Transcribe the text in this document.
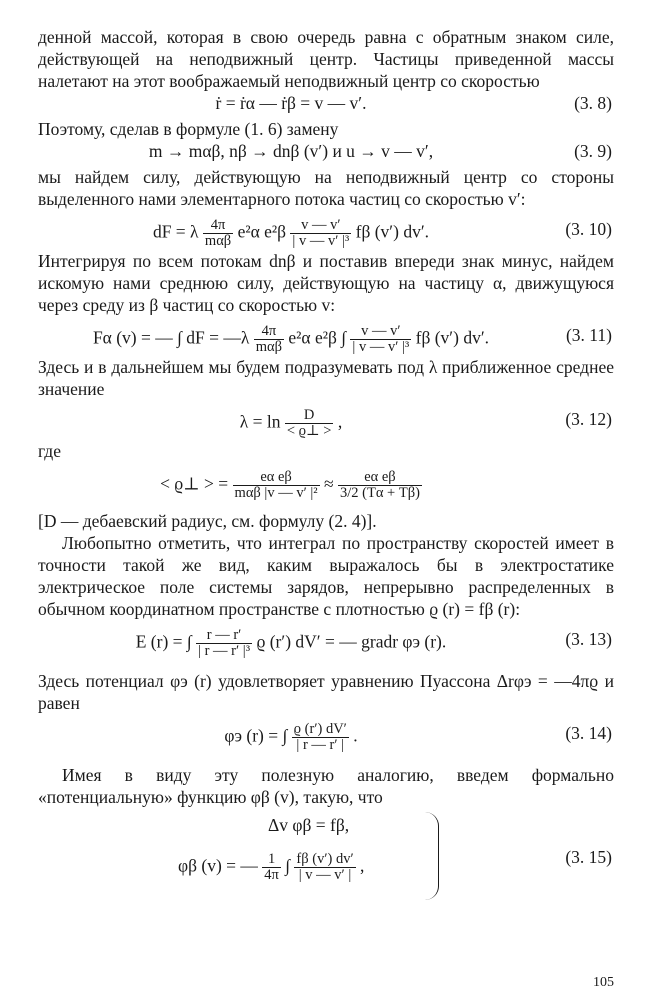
денной массой, которая в свою очередь равна с обратным знаком силе, действующей на неподвижный центр. Частицы приведенной массы налетают на этот воображаемый неподвижный центр со скоростью

ṙ = ṙα — ṙβ = v — v′.	(3. 8)

Поэтому, сделав в формуле (1. 6) замену

m → mαβ, nβ → dnβ (v′) и u → v — v′,	(3. 9)

мы найдем силу, действующую на неподвижный центр со стороны выделенного нами элементарного потока частиц со скоростью v′:

dF = λ $\frac{4\pi}{\text{mαβ}} e^2\alpha$ $e^2\beta \frac{v — v'}{\text{| v — v′ |³}}$ fβ (v′) dv′.	(3. 10)

Интегрируя по всем потокам dnβ и поставив впереди знак минус, найдем искомую нами среднюю силу, действующую на частицу α, движущуюся через среду из β частиц со скоростью v:

Fα (v) = — ∫ dF = —λ $\frac{4\pi}{\text{mαβ}} e^2\alpha$ e²β ∫ $\frac{v — v'}{\text{| v — v′ |³}}$ fβ (v′) dv′.	(3. 11)

Здесь и в дальнейшем мы будем подразумевать под λ приближенное среднее значение

$\lambda = \ln \frac{D}{< ϱ\perp >}$ ,	(3. 12)

где

< ϱ⊥ > = $\frac{\text{eα eβ}}{\text{mαβ |v — v′ |²}} \approx \frac{\text{eα eβ}}{3/2 (T\alpha + T\beta)}$

[D — дебаевский радиус, см. формулу (2. 4)].

Любопытно отметить, что интеграл по пространству скоростей имеет в точности такой же вид, каким выражалось бы в электростатике электрическое поле системы зарядов, непрерывно распределенных в обычном координатном пространстве с плотностью ϱ (r) = fβ (r):

E (r) = ∫ $\frac{r — r'}{\text{| r — r′ |³}}$ ϱ (r′) dV′ = — gradr φэ (r).	(3. 13)

Здесь потенциал φэ (r) удовлетворяет уравнению Пуассона Δrφэ = —4πϱ и равен

φэ (r) = ∫ $\frac{ϱ (r') dV'}{| r — r' |}$ .	(3. 14)

Имея в виду эту полезную аналогию, введем формально «потенциальную» функцию φβ (v), такую, что

Δv φβ = fβ,
φβ (v) = — $\frac{1}{4\pi}$ ∫ $\frac{f\beta (v') dv'}{| v — v' |}$ ,	(3. 15)
105
